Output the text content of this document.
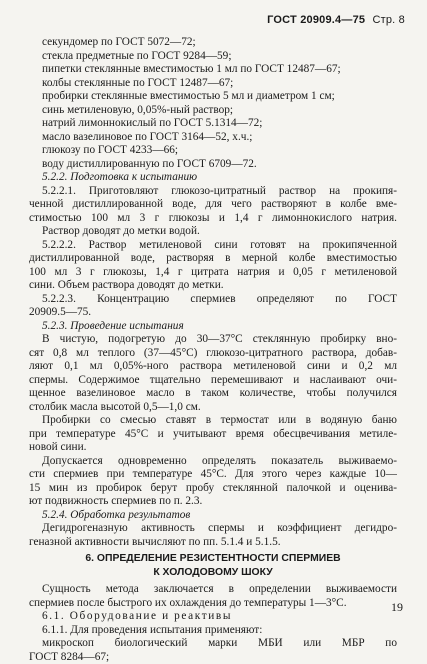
ГОСТ 20909.4—75 Стр. 8
секундомер по ГОСТ 5072—72;
стекла предметные по ГОСТ 9284—59;
пипетки стеклянные вместимостью 1 мл по ГОСТ 12487—67;
колбы стеклянные по ГОСТ 12487—67;
пробирки стеклянные вместимостью 5 мл и диаметром 1 см;
синь метиленовую, 0,05%-ный раствор;
натрий лимоннокислый по ГОСТ 5.1314—72;
масло вазелиновое по ГОСТ 3164—52, х.ч.;
глюкозу по ГОСТ 4233—66;
воду дистиллированную по ГОСТ 6709—72.
5.2.2. Подготовка к испытанию
5.2.2.1. Приготовляют глюкозо-цитратный раствор на прокипя-
ченной дистиллированной воде, для чего растворяют в колбе вме-
стимостью 100 мл 3 г глюкозы и 1,4 г лимоннокислого натрия.
Раствор доводят до метки водой.
5.2.2.2. Раствор метиленовой сини готовят на прокипяченной
дистиллированной воде, растворяя в мерной колбе вместимостью
100 мл 3 г глюкозы, 1,4 г цитрата натрия и 0,05 г метиленовой
сини. Объем раствора доводят до метки.
5.2.2.3. Концентрацию спермиев определяют по ГОСТ
20909.5—75.
5.2.3. Проведение испытания
В чистую, подогретую до 30—37°С стеклянную пробирку вно-
сят 0,8 мл теплого (37—45°С) глюкозо-цитратного раствора, добав-
ляют 0,1 мл 0,05%-ного раствора метиленовой сини и 0,2 мл
спермы. Содержимое тщательно перемешивают и наслаивают очи-
щенное вазелиновое масло в таком количестве, чтобы получился
столбик масла высотой 0,5—1,0 см.
Пробирки со смесью ставят в термостат или в водяную баню
при температуре 45°С и учитывают время обесцвечивания метиле-
новой сини.
Допускается одновременно определять показатель выживаемо-
сти спермиев при температуре 45°С. Для этого через каждые 10—
15 мин из пробирок берут пробу стеклянной палочкой и оценива-
ют подвижность спермиев по п. 2.3.
5.2.4. Обработка результатов
Дегидрогеназную активность спермы и коэффициент дегидро-
геназной активности вычисляют по пп. 5.1.4 и 5.1.5.
6. ОПРЕДЕЛЕНИЕ РЕЗИСТЕНТНОСТИ СПЕРМИЕВ
К ХОЛОДОВОМУ ШОКУ
Сущность метода заключается в определении выживаемости
спермиев после быстрого их охлаждения до температуры 1—3°С.
6.1. Оборудование и реактивы
6.1.1. Для проведения испытания применяют:
микроскоп биологический марки МБИ или МБР по
ГОСТ 8284—67;
19
